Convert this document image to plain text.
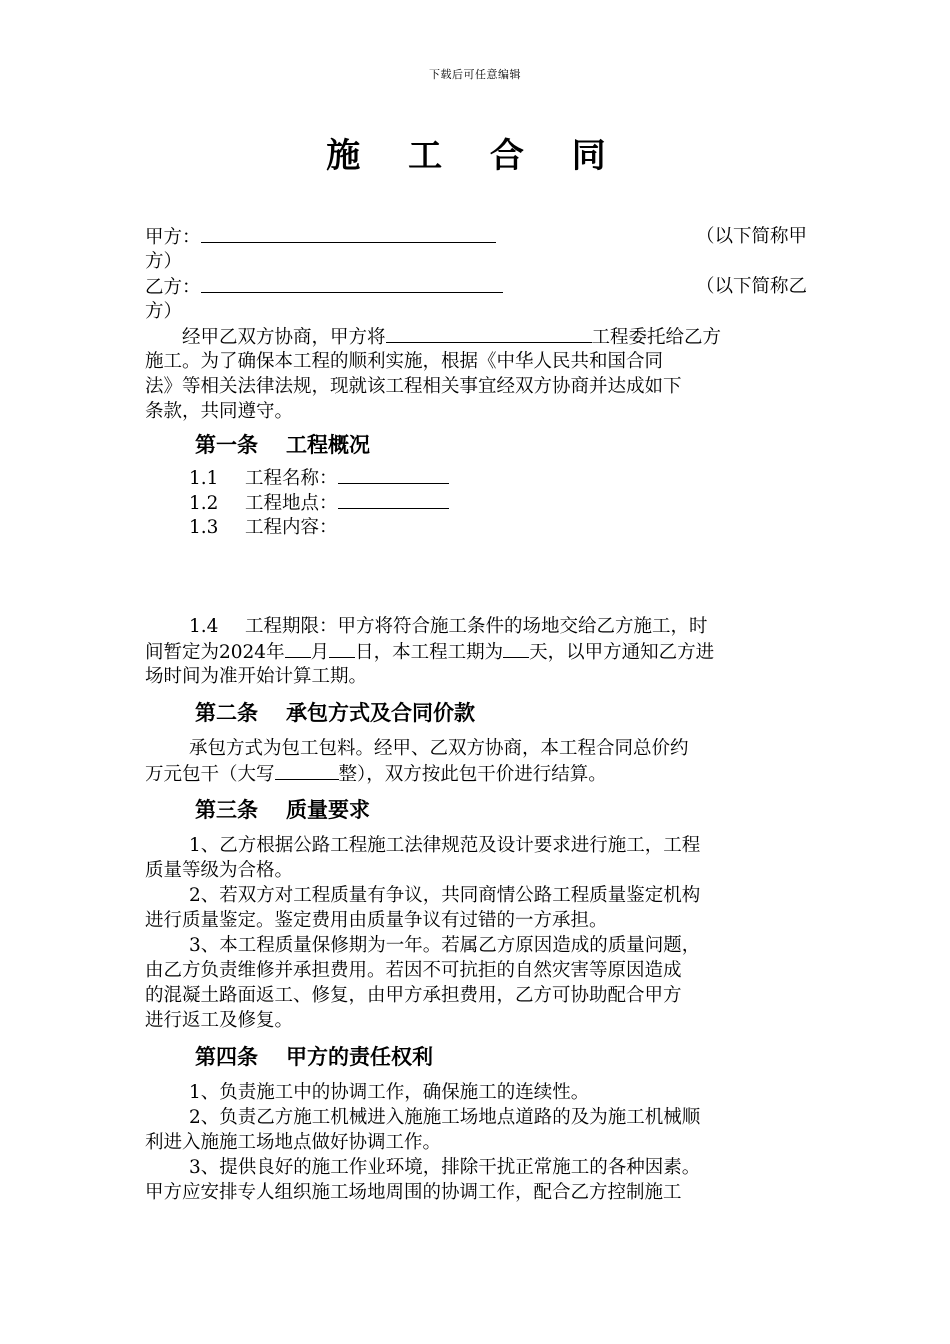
下载后可任意编辑
施 工 合 同
甲方：	（以下简称甲
方）
乙方：	（以下简称乙
方）
经甲乙双方协商，甲方将	工程委托给乙方
施工。为了确保本工程的顺利实施，根据《中华人民共和国合同
法》等相关法律法规，现就该工程相关事宜经双方协商并达成如下
条款，共同遵守。
第一条 工程概况
1.1 工程名称：
1.2 工程地点：
1.3 工程内容：
1.4 工程期限：甲方将符合施工条件的场地交给乙方施工，时
间暂定为2024年 月 日，本工程工期为 天，以甲方通知乙方进
场时间为准开始计算工期。
第二条 承包方式及合同价款
承包方式为包工包料。经甲、乙双方协商，本工程合同总价约
万元包干（大写	整），双方按此包干价进行结算。
第三条 质量要求
1、乙方根据公路工程施工法律规范及设计要求进行施工，工程
质量等级为合格。
2、若双方对工程质量有争议，共同商情公路工程质量鉴定机构
进行质量鉴定。鉴定费用由质量争议有过错的一方承担。
3、本工程质量保修期为一年。若属乙方原因造成的质量问题，
由乙方负责维修并承担费用。若因不可抗拒的自然灾害等原因造成
的混凝土路面返工、修复，由甲方承担费用，乙方可协助配合甲方
进行返工及修复。
第四条 甲方的责任权利
1、负责施工中的协调工作，确保施工的连续性。
2、负责乙方施工机械进入施施工场地点道路的及为施工机械顺
利进入施施工场地点做好协调工作。
3、提供良好的施工作业环境，排除干扰正常施工的各种因素。
甲方应安排专人组织施工场地周围的协调工作，配合乙方控制施工
